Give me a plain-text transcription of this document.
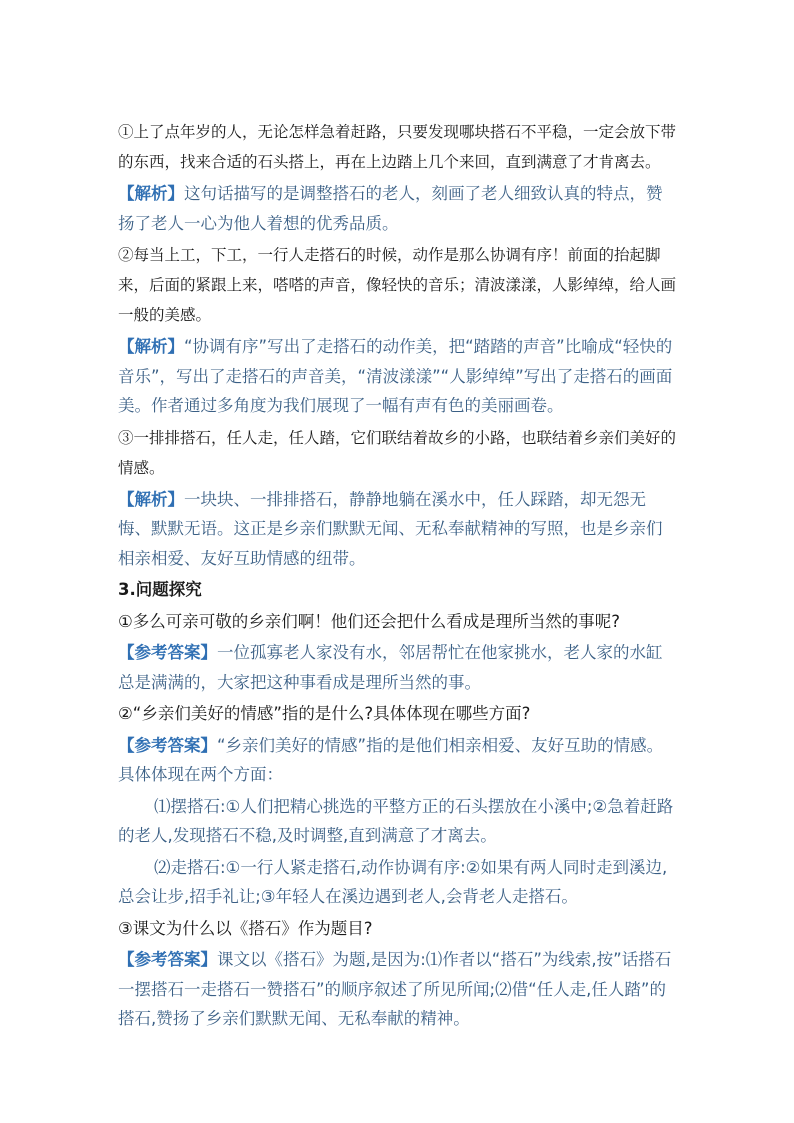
①上了点年岁的人，无论怎样急着赶路，只要发现哪块搭石不平稳，一定会放下带的东西，找来合适的石头搭上，再在上边踏上几个来回，直到满意了才肯离去。

【解析】这句话描写的是调整搭石的老人，刻画了老人细致认真的特点，赞扬了老人一心为他人着想的优秀品质。

②每当上工，下工，一行人走搭石的时候，动作是那么协调有序！前面的抬起脚来，后面的紧跟上来，嗒嗒的声音，像轻快的音乐；清波漾漾，人影绰绰，给人画一般的美感。

【解析】“协调有序”写出了走搭石的动作美，把“踏踏的声音”比喻成“轻快的音乐”，写出了走搭石的声音美，“清波漾漾”“人影绰绰”写出了走搭石的画面美。作者通过多角度为我们展现了一幅有声有色的美丽画卷。

③一排排搭石，任人走，任人踏，它们联结着故乡的小路，也联结着乡亲们美好的情感。

【解析】一块块、一排排搭石，静静地躺在溪水中，任人踩踏，却无怨无悔、默默无语。这正是乡亲们默默无闻、无私奉献精神的写照，也是乡亲们相亲相爱、友好互助情感的纽带。

3.问题探究

①多么可亲可敬的乡亲们啊！他们还会把什么看成是理所当然的事呢?

【参考答案】一位孤寡老人家没有水，邻居帮忙在他家挑水，老人家的水缸总是满满的，大家把这种事看成是理所当然的事。

②“乡亲们美好的情感”指的是什么?具体体现在哪些方面?

【参考答案】“乡亲们美好的情感”指的是他们相亲相爱、友好互助的情感。具体体现在两个方面：

⑴摆搭石:①人们把精心挑选的平整方正的石头摆放在小溪中;②急着赶路的老人,发现搭石不稳,及时调整,直到满意了才离去。

⑵走搭石:①一行人紧走搭石,动作协调有序:②如果有两人同时走到溪边,总会让步,招手礼让;③年轻人在溪边遇到老人,会背老人走搭石。

③课文为什么以《搭石》作为题目?

【参考答案】课文以《搭石》为题,是因为:⑴作者以“搭石”为线索,按”话搭石一摆搭石一走搭石一赞搭石”的顺序叙述了所见所闻;⑵借“任人走,任人踏”的搭石,赞扬了乡亲们默默无闻、无私奉献的精神。
